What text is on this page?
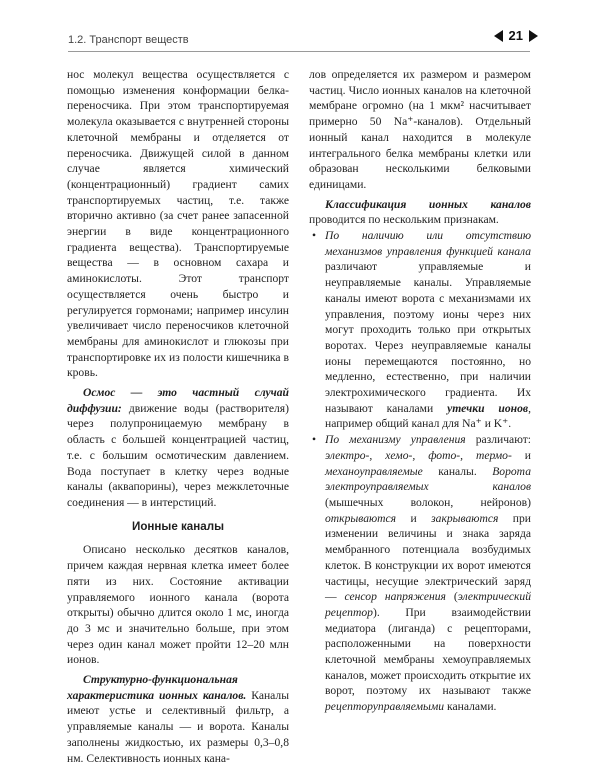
1.2. Транспорт веществ	21

нос молекул вещества осуществляется с помощью изменения конформации белка-переносчика. При этом транспортируемая молекула оказывается с внутренней стороны клеточной мембраны и отделяется от переносчика. Движущей силой в данном случае является химический (концентрационный) градиент самих транспортируемых частиц, т.е. также вторично активно (за счет ранее запасенной энергии в виде концентрационного градиента вещества). Транспортируемые вещества — в основном сахара и аминокислоты. Этот транспорт осуществляется очень быстро и регулируется гормонами; например инсулин увеличивает число переносчиков клеточной мембраны для аминокислот и глюкозы при транспортировке их из полости кишечника в кровь.

Осмос — это частный случай диффузии: движение воды (растворителя) через полупроницаемую мембрану в область с большей концентрацией частиц, т.е. с большим осмотическим давлением. Вода поступает в клетку через водные каналы (аквапорины), через межклеточные соединения — в интерстиций.

Ионные каналы

Описано несколько десятков каналов, причем каждая нервная клетка имеет более пяти из них. Состояние активации управляемого ионного канала (ворота открыты) обычно длится около 1 мс, иногда до 3 мс и значительно больше, при этом через один канал может пройти 12–20 млн ионов.

Структурно-функциональная характеристика ионных каналов. Каналы имеют устье и селективный фильтр, а управляемые каналы — и ворота. Каналы заполнены жидкостью, их размеры 0,3–0,8 нм. Селективность ионных кана-

лов определяется их размером и размером частиц. Число ионных каналов на клеточной мембране огромно (на 1 мкм² насчитывает примерно 50 Na⁺-каналов). Отдельный ионный канал находится в молекуле интегрального белка мембраны клетки или образован несколькими белковыми единицами.

Классификация ионных каналов проводится по нескольким признакам.

• По наличию или отсутствию механизмов управления функцией канала различают управляемые и неуправляемые каналы. Управляемые каналы имеют ворота с механизмами их управления, поэтому ионы через них могут проходить только при открытых воротах. Через неуправляемые каналы ионы перемещаются постоянно, но медленно, естественно, при наличии электрохимического градиента. Их называют каналами утечки ионов, например общий канал для Na⁺ и K⁺.
• По механизму управления различают: электро-, хемо-, фото-, термо- и механоуправляемые каналы. Ворота электроуправляемых каналов (мышечных волокон, нейронов) открываются и закрываются при изменении величины и знака заряда мембранного потенциала возбудимых клеток. В конструкции их ворот имеются частицы, несущие электрический заряд — сенсор напряжения (электрический рецептор). При взаимодействии медиатора (лиганда) с рецепторами, расположенными на поверхности клеточной мембраны хемоуправляемых каналов, может происходить открытие их ворот, поэтому их называют также рецепторуправляемыми каналами.
